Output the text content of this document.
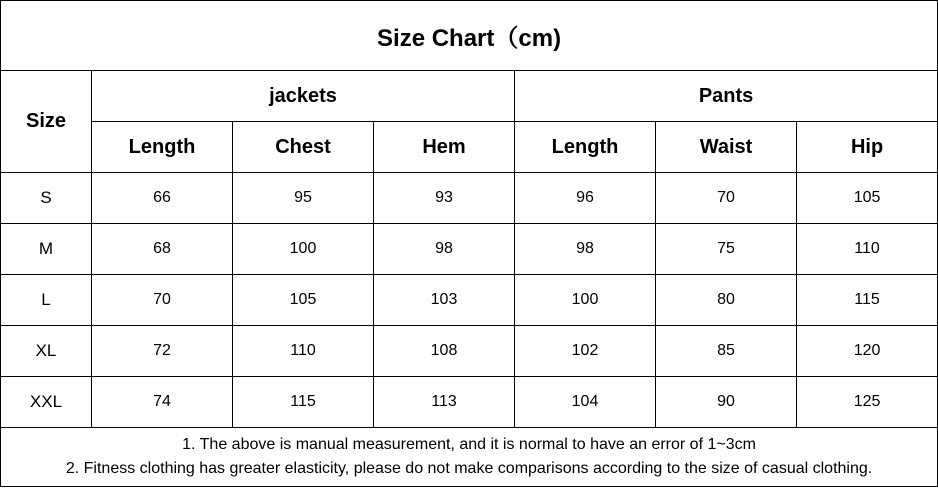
Size Chart（cm)						
Size	jackets			Pants		
	Length	Chest	Hem	Length	Waist	Hip
S	66	95	93	96	70	105
M	68	100	98	98	75	110
L	70	105	103	100	80	115
XL	72	110	108	102	85	120
XXL	74	115	113	104	90	125

1. The above is manual measurement, and it is normal to have an error of 1~3cm
2. Fitness clothing has greater elasticity, please do not make comparisons according to the size of casual clothing.						
